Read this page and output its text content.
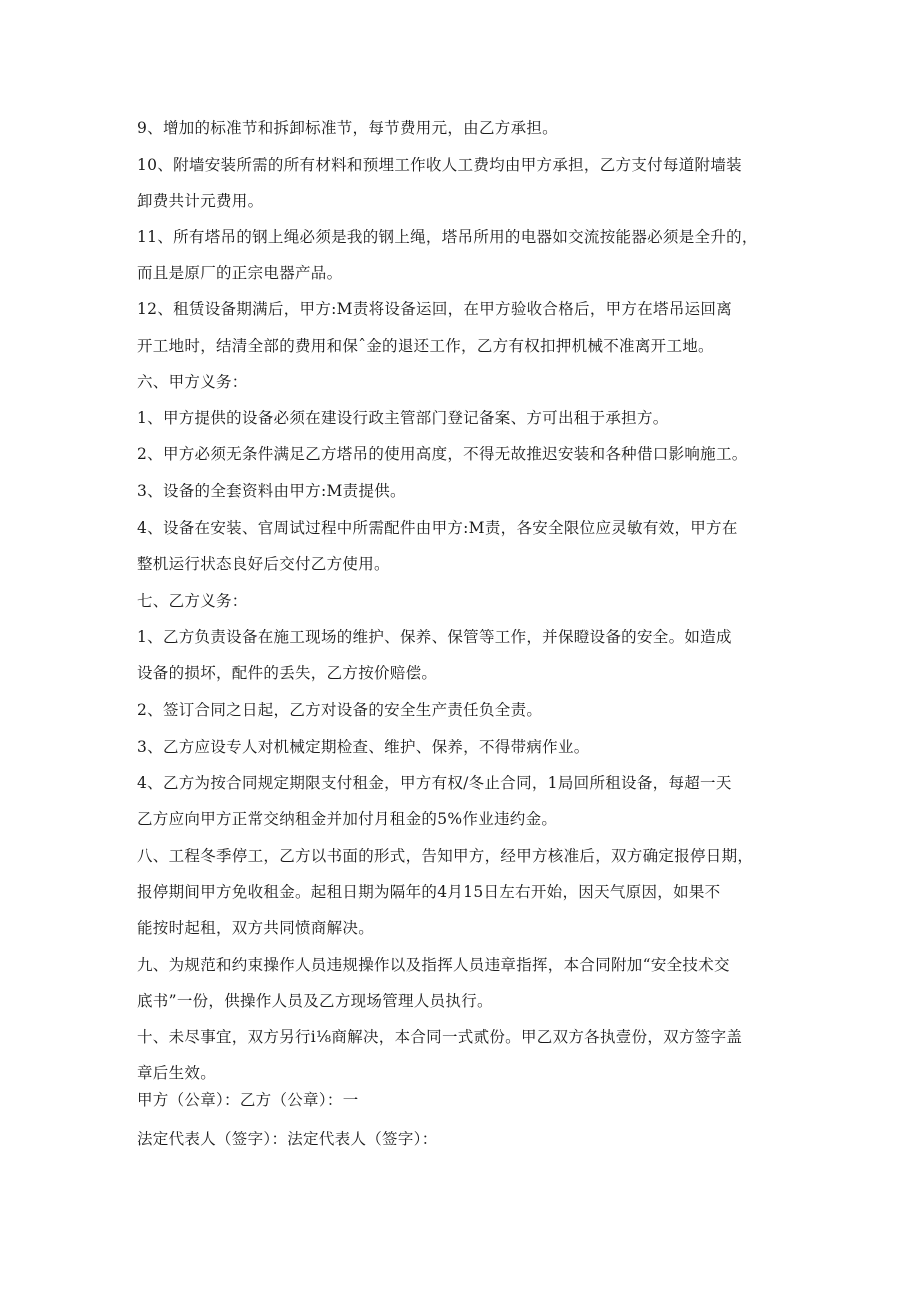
9、增加的标准节和拆卸标准节，每节费用元，由乙方承担。
10、附墙安装所需的所有材料和预埋工作收人工费均由甲方承担，乙方支付每道附墙装
卸费共计元费用。
11、所有塔吊的钢上绳必须是我的钢上绳，塔吊所用的电器如交流按能器必须是全升的，
而且是原厂的正宗电器产品。
12、租赁设备期满后，甲方:M责将设备运回，在甲方验收合格后，甲方在塔吊运回离
开工地时，结清全部的费用和保ˆ金的退还工作，乙方有权扣押机械不准离开工地。
六、甲方义务：
1、甲方提供的设备必须在建设行政主管部门登记备案、方可出租于承担方。
2、甲方必须无条件满足乙方塔吊的使用高度，不得无故推迟安装和各种借口影响施工。
3、设备的全套资料由甲方:M责提供。
4、设备在安装、官周试过程中所需配件由甲方:M责，各安全限位应灵敏有效，甲方在
整机运行状态良好后交付乙方使用。
七、乙方义务：
1、乙方负责设备在施工现场的维护、保养、保管等工作，并保瞪设备的安全。如造成
设备的损坏，配件的丢失，乙方按价赔偿。
2、签订合同之日起，乙方对设备的安全生产责任负全责。
3、乙方应设专人对机械定期检查、维护、保养，不得带病作业。
4、乙方为按合同规定期限支付租金，甲方有权/冬止合同，1局回所租设备，每超一天
乙方应向甲方正常交纳租金并加付月租金的5%作业违约金。
八、工程冬季停工，乙方以书面的形式，告知甲方，经甲方核准后，双方确定报停日期，
报停期间甲方免收租金。起租日期为隔年的4月15日左右开始，因天气原因，如果不
能按时起租，双方共同愤商解决。
九、为规范和约束操作人员违规操作以及指挥人员违章指挥，本合同附加“安全技术交
底书”一份，供操作人员及乙方现场管理人员执行。
十、未尽事宜，双方另行i⅛商解决，本合同一式贰份。甲乙双方各执壹份，双方签字盖
章后生效。
甲方（公章）：乙方（公章）：一
法定代表人（签字）：法定代表人（签字）：
